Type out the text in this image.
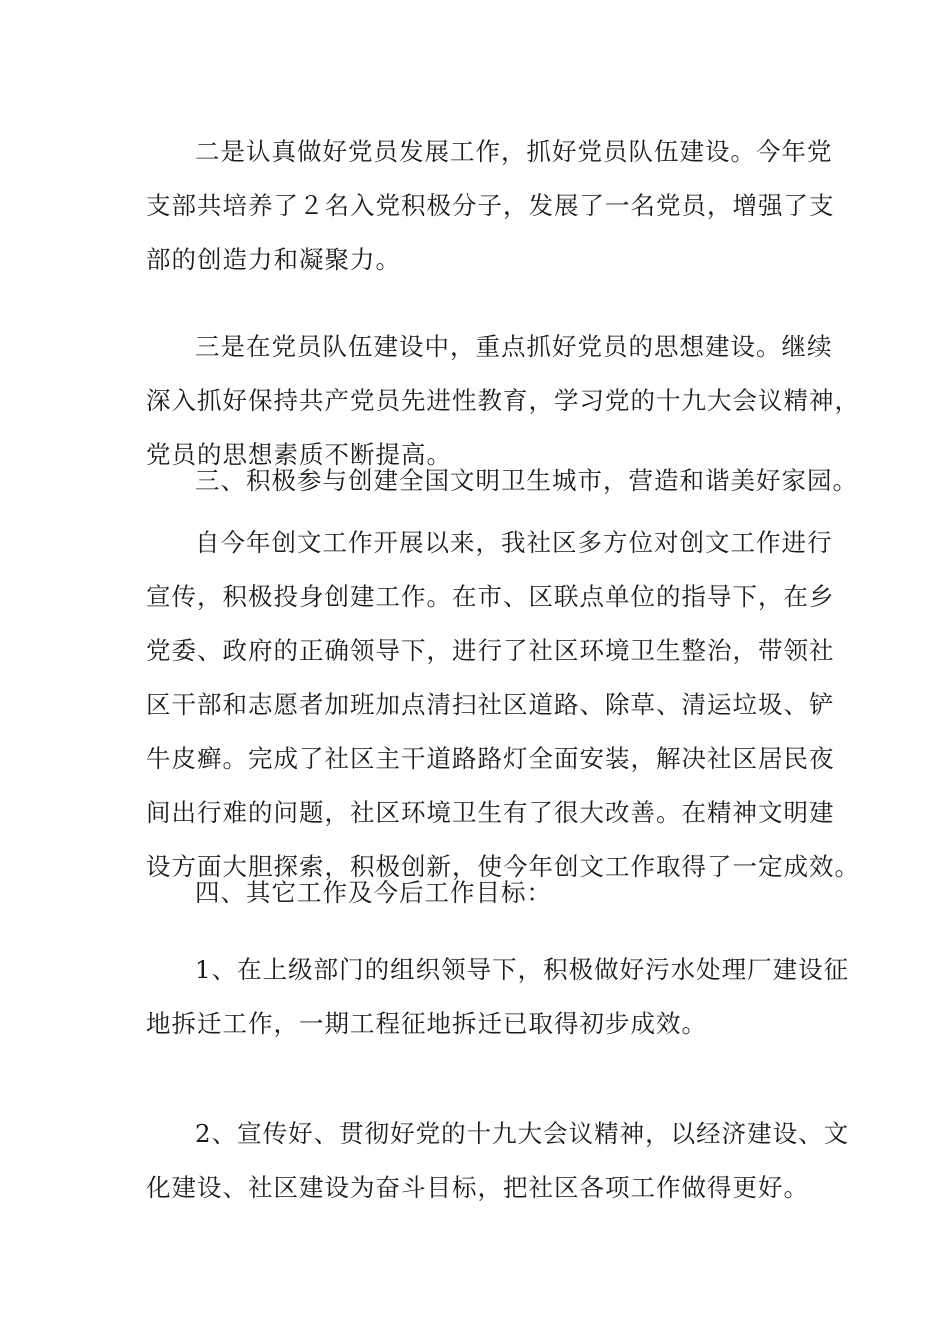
二是认真做好党员发展工作，抓好党员队伍建设。今年党

支部共培养了２名入党积极分子，发展了一名党员，增强了支

部的创造力和凝聚力。

三是在党员队伍建设中，重点抓好党员的思想建设。继续

深入抓好保持共产党员先进性教育，学习党的十九大会议精神，

党员的思想素质不断提高。

三、积极参与创建全国文明卫生城市，营造和谐美好家园。

自今年创文工作开展以来，我社区多方位对创文工作进行

宣传，积极投身创建工作。在市、区联点单位的指导下，在乡

党委、政府的正确领导下，进行了社区环境卫生整治，带领社

区干部和志愿者加班加点清扫社区道路、除草、清运垃圾、铲

牛皮癣。完成了社区主干道路路灯全面安装，解决社区居民夜

间出行难的问题，社区环境卫生有了很大改善。在精神文明建

设方面大胆探索，积极创新，使今年创文工作取得了一定成效。

四、其它工作及今后工作目标：

1、在上级部门的组织领导下，积极做好污水处理厂建设征

地拆迁工作，一期工程征地拆迁已取得初步成效。

2、宣传好、贯彻好党的十九大会议精神，以经济建设、文

化建设、社区建设为奋斗目标，把社区各项工作做得更好。
